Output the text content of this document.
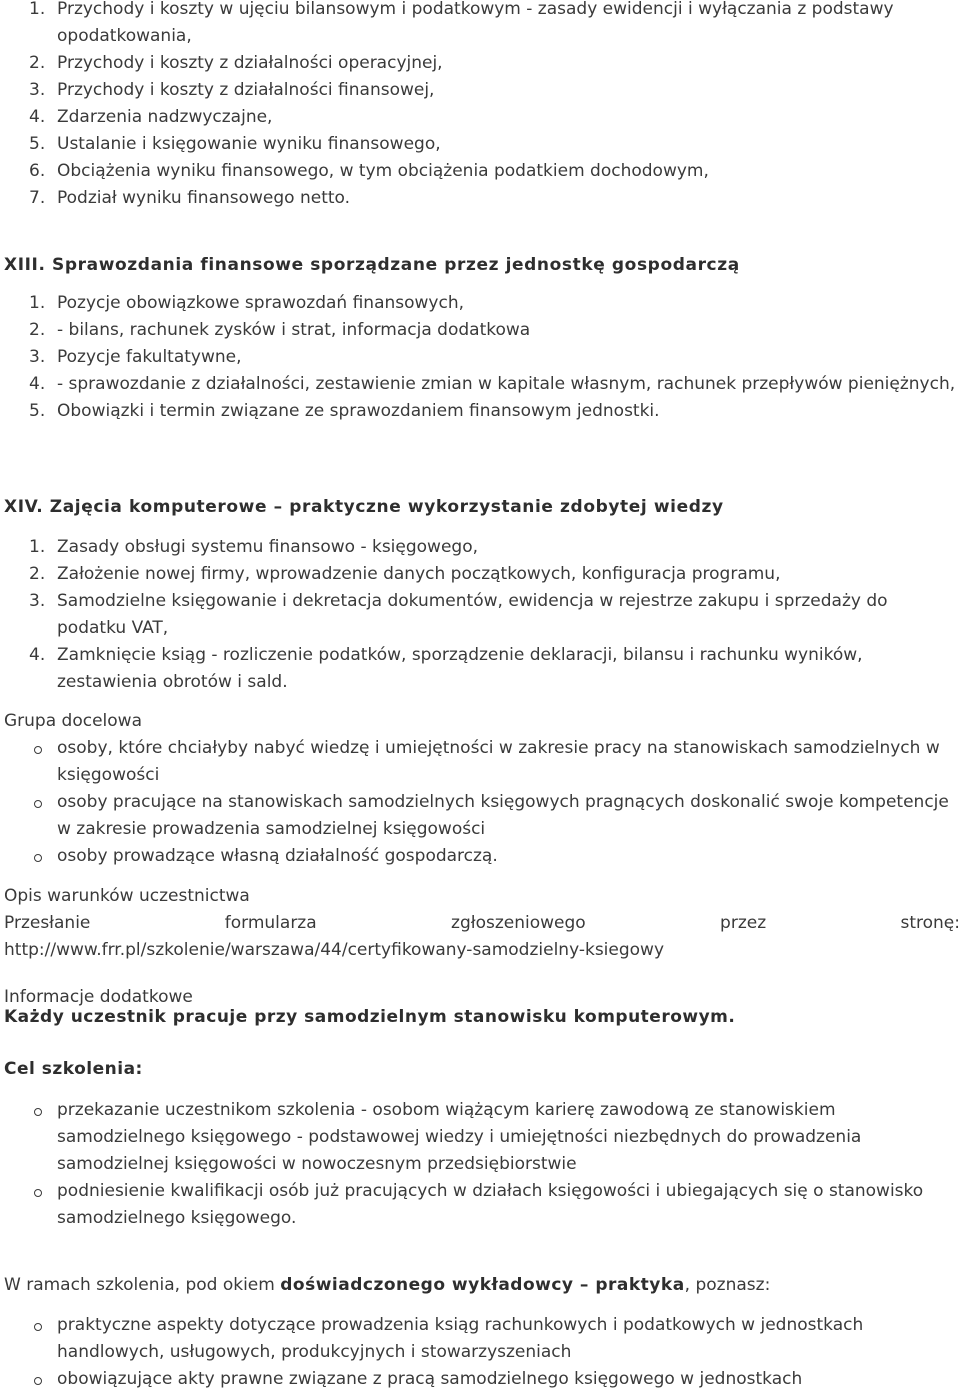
1. Przychody i koszty w ujęciu bilansowym i podatkowym - zasady ewidencji i wyłączania z podstawy opodatkowania,
2. Przychody i koszty z działalności operacyjnej,
3. Przychody i koszty z działalności finansowej,
4. Zdarzenia nadzwyczajne,
5. Ustalanie i księgowanie wyniku finansowego,
6. Obciążenia wyniku finansowego, w tym obciążenia podatkiem dochodowym,
7. Podział wyniku finansowego netto.
XIII. Sprawozdania finansowe sporządzane przez jednostkę gospodarczą
1. Pozycje obowiązkowe sprawozdań finansowych,
2. - bilans, rachunek zysków i strat, informacja dodatkowa
3. Pozycje fakultatywne,
4. - sprawozdanie z działalności, zestawienie zmian w kapitale własnym, rachunek przepływów pieniężnych,
5. Obowiązki i termin związane ze sprawozdaniem finansowym jednostki.
XIV. Zajęcia komputerowe – praktyczne wykorzystanie zdobytej wiedzy
1. Zasady obsługi systemu finansowo - księgowego,
2. Założenie nowej firmy, wprowadzenie danych początkowych, konfiguracja programu,
3. Samodzielne księgowanie i dekretacja dokumentów, ewidencja w rejestrze zakupu i sprzedaży do podatku VAT,
4. Zamknięcie ksiąg - rozliczenie podatków, sporządzenie deklaracji, bilansu i rachunku wyników, zestawienia obrotów i sald.
Grupa docelowa
osoby, które chciałyby nabyć wiedzę i umiejętności w zakresie pracy na stanowiskach samodzielnych w księgowości
osoby pracujące na stanowiskach samodzielnych księgowych pragnących doskonalić swoje kompetencje w zakresie prowadzenia samodzielnej księgowości
osoby prowadzące własną działalność gospodarczą.
Opis warunków uczestnictwa
Przesłanie formularza zgłoszeniowego przez stronę:
http://www.frr.pl/szkolenie/warszawa/44/certyfikowany-samodzielny-ksiegowy
Informacje dodatkowe
Każdy uczestnik pracuje przy samodzielnym stanowisku komputerowym.
Cel szkolenia:
przekazanie uczestnikom szkolenia - osobom wiążącym karierę zawodową ze stanowiskiem samodzielnego księgowego - podstawowej wiedzy i umiejętności niezbędnych do prowadzenia samodzielnej księgowości w nowoczesnym przedsiębiorstwie
podniesienie kwalifikacji osób już pracujących w działach księgowości i ubiegających się o stanowisko samodzielnego księgowego.
W ramach szkolenia, pod okiem doświadczonego wykładowcy – praktyka, poznasz:
praktyczne aspekty dotyczące prowadzenia ksiąg rachunkowych i podatkowych w jednostkach handlowych, usługowych, produkcyjnych i stowarzyszeniach
obowiązujące akty prawne związane z pracą samodzielnego księgowego w jednostkach
